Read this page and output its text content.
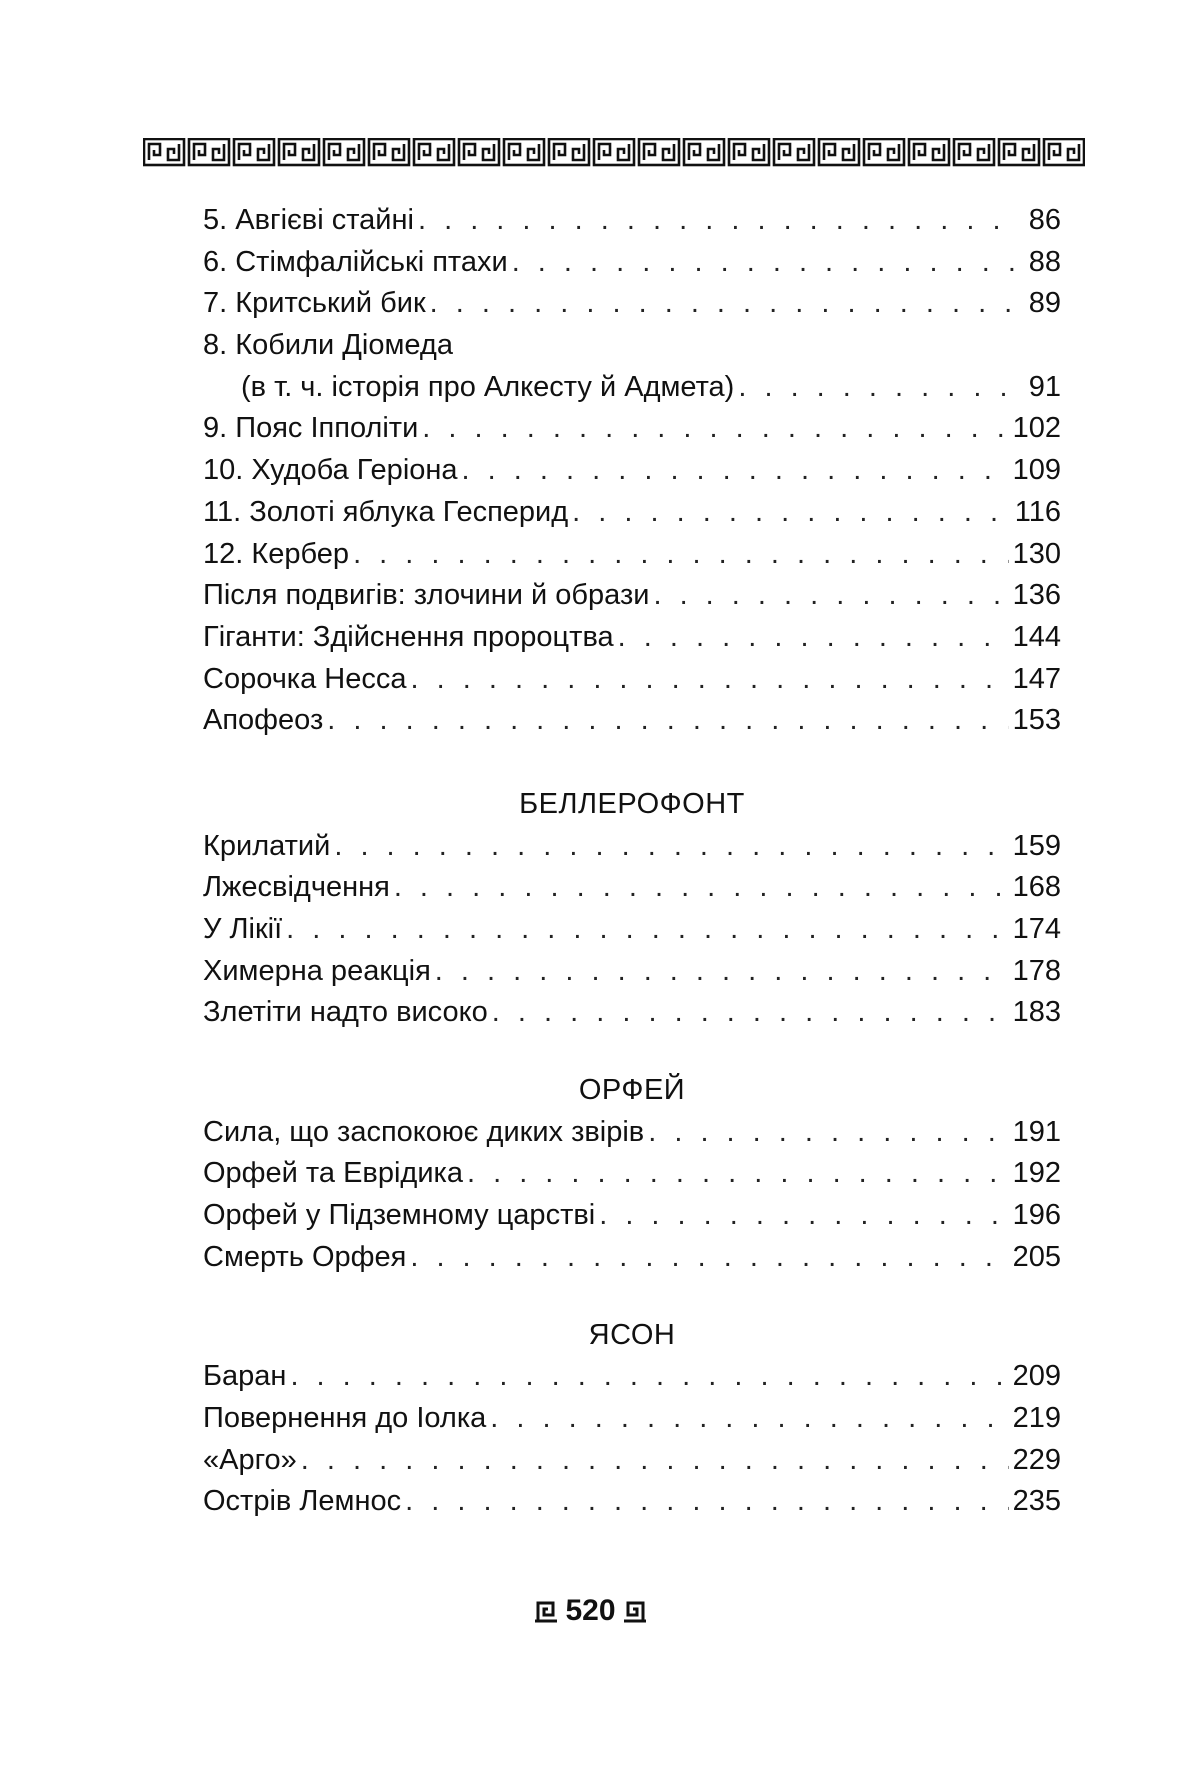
5. Авгієві стайні . . .	86
6. Стімфалійські птахи . . .	88
7. Критський бик . . .	89
8. Кобили Діомеда
(в т. ч. історія про Алкесту й Адмета) . . .	91
9. Пояс Іпполіти . . .	102
10. Худоба Геріона . . .	109
11. Золоті яблука Гесперид . . .	116
12. Кербер . . .	130
Після подвигів: злочини й образи . . .	136
Гіганти: Здійснення пророцтва . . .	144
Сорочка Несса . . .	147
Апофеоз . . .	153
БЕЛЛЕРОФОНТ
Крилатий . . .	159
Лжесвідчення . . .	168
У Лікії . . .	174
Химерна реакція . . .	178
Злетіти надто високо . . .	183
ОРФЕЙ
Сила, що заспокоює диких звірів . . .	191
Орфей та Еврідика . . .	192
Орфей у Підземному царстві . . .	196
Смерть Орфея . . .	205
ЯСОН
Баран . . .	209
Повернення до Іолка . . .	219
«Арго» . . .	229
Острів Лемнос . . .	235
520
